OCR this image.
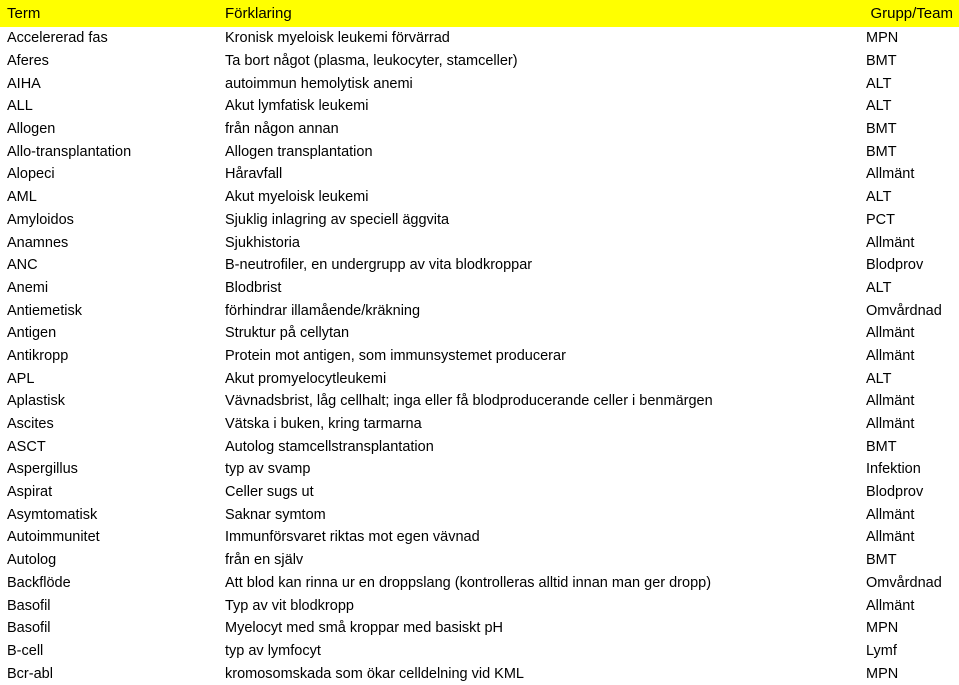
Term	Förklaring	Grupp/Team
Accelererad fas	Kronisk myeloisk leukemi förvärrad	MPN
Aferes	Ta bort något (plasma, leukocyter, stamceller)	BMT
AIHA	autoimmun hemolytisk anemi	ALT
ALL	Akut lymfatisk leukemi	ALT
Allogen	från någon annan	BMT
Allo-transplantation	Allogen transplantation	BMT
Alopeci	Håravfall	Allmänt
AML	Akut myeloisk leukemi	ALT
Amyloidos	Sjuklig inlagring av speciell äggvita	PCT
Anamnes	Sjukhistoria	Allmänt
ANC	B-neutrofiler, en undergrupp av vita blodkroppar	Blodprov
Anemi	Blodbrist	ALT
Antiemetisk	förhindrar illamående/kräkning	Omvårdnad
Antigen	Struktur på cellytan	Allmänt
Antikropp	Protein mot antigen, som immunsystemet producerar	Allmänt
APL	Akut promyelocytleukemi	ALT
Aplastisk	Vävnadsbrist, låg cellhalt; inga eller få blodproducerande celler i benmärgen	Allmänt
Ascites	Vätska i buken, kring tarmarna	Allmänt
ASCT	Autolog stamcellstransplantation	BMT
Aspergillus	typ av svamp	Infektion
Aspirat	Celler sugs ut	Blodprov
Asymtomatisk	Saknar symtom	Allmänt
Autoimmunitet	Immunförsvaret riktas mot egen vävnad	Allmänt
Autolog	från en själv	BMT
Backflöde	Att blod kan rinna ur en droppslang (kontrolleras alltid innan man ger dropp)	Omvårdnad
Basofil	Typ av vit blodkropp	Allmänt
Basofil	Myelocyt med små kroppar med basiskt pH	MPN
B-cell	typ av lymfocyt	Lymf
Bcr-abl	kromosomskada som ökar celldelning vid KML	MPN
